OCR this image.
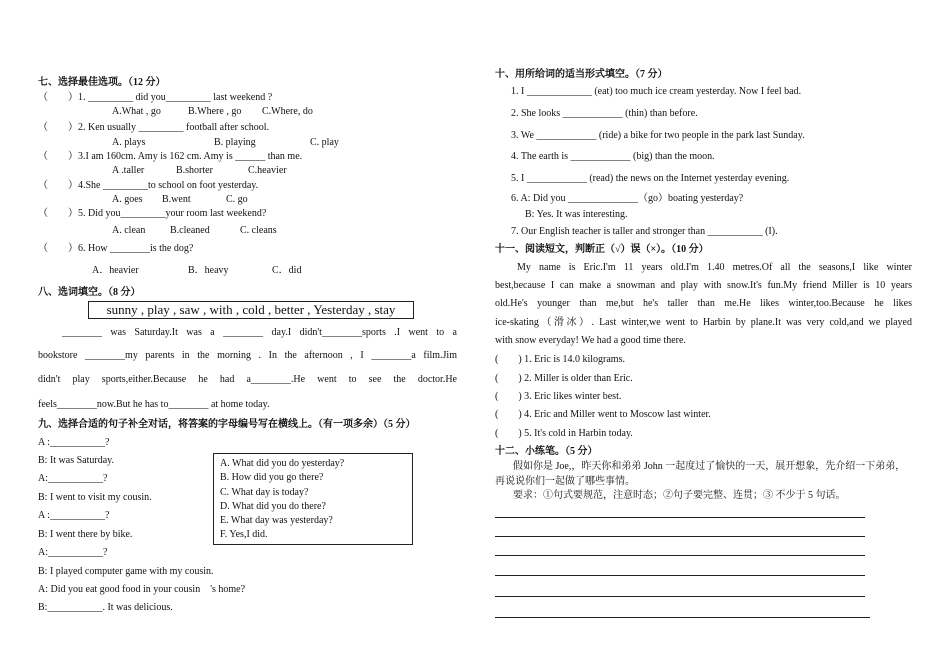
七、选择最佳选项。（12 分）
（　　）1. _________ did you_________ last weekend ?
A.What , go	B.Where , go C.Where, do
（　　）2. Ken usually _________ football after school.
A. plays	B. playing	C. play
（　　）3.I am 160cm. Amy is 162 cm. Amy is ______ than me.
A .taller	B.shorter	C.heavier
（　　）4.She _________to school on foot yesterday.
A. goes B.went	C. go
（　　）5. Did you_________your room last weekend?
A. clean B.cleaned	C. cleans
（　　）6. How ________is the dog?
A．heavier	B．heavy	C．did
八、选词填空。（8 分）
sunny , play , saw , with , cold , better , Yesterday , stay
________ was Saturday.It was a ________ day.I didn't________sports .I went to a
bookstore ________my parents in the morning . In the afternoon , I ________a film.Jim
didn't play sports,either.Because he had a________.He went to see the doctor.He
feels________now.But he has to________ at home today.
九、选择合适的句子补全对话，将答案的字母编号写在横线上。（有一项多余）（5 分）
A :___________?
B: It was Saturday.
A:___________?
B: I went to visit my cousin.
A :___________?
B: I went there by bike.
A:___________?
B: I played computer game with my cousin.
A: Did you eat good food in your cousin　's home?
B:___________. It was delicious.
A. What did you do yesterday?
B. How did you go there?
C. What day is today?
D. What did you do there?
E. What day was yesterday?
F. Yes,I did.
十、用所给词的适当形式填空。（7 分）
1. I _____________ (eat) too much ice cream yesterday. Now I feel bad.
2. She looks ____________ (thin) than before.
3. We ____________ (ride) a bike for two people in the park last Sunday.
4. The earth is ____________ (big) than the moon.
5. I ____________ (read) the news on the Internet yesterday evening.
6. A: Did you ______________（go）boating yesterday?
B: Yes. It was interesting.
7. Our English teacher is taller and stronger than ___________ (I).
十一、阅读短文，判断正（√）误（×）。（10 分）
My name is Eric.I'm 11 years old.I'm 1.40 metres.Of all the seasons,I like winter
best,because I can make a snowman and play with snow.It's fun.My friend Miller is 10 years
old.He's younger than me,but he's taller than me.He likes winter,too.Because he likes
ice-skating（滑冰）. Last winter,we went to Harbin by plane.It was very cold,and we played
with snow everyday! We had a good time there.
(　　) 1. Eric is 14.0 kilograms.
(　　) 2. Miller is older than Eric.
(　　) 3. Eric likes winter best.
(　　) 4. Eric and Miller went to Moscow last winter.
(　　) 5. It's cold in Harbin today.
十二、小练笔。（5 分）
假如你是 Joe,，昨天你和弟弟 John 一起度过了愉快的一天，展开想象，先介绍一下弟弟，
再说说你们一起做了哪些事情。
要求：①句式要规范，注意时态；②句子要完整、连贯；③ 不少于 5 句话。
